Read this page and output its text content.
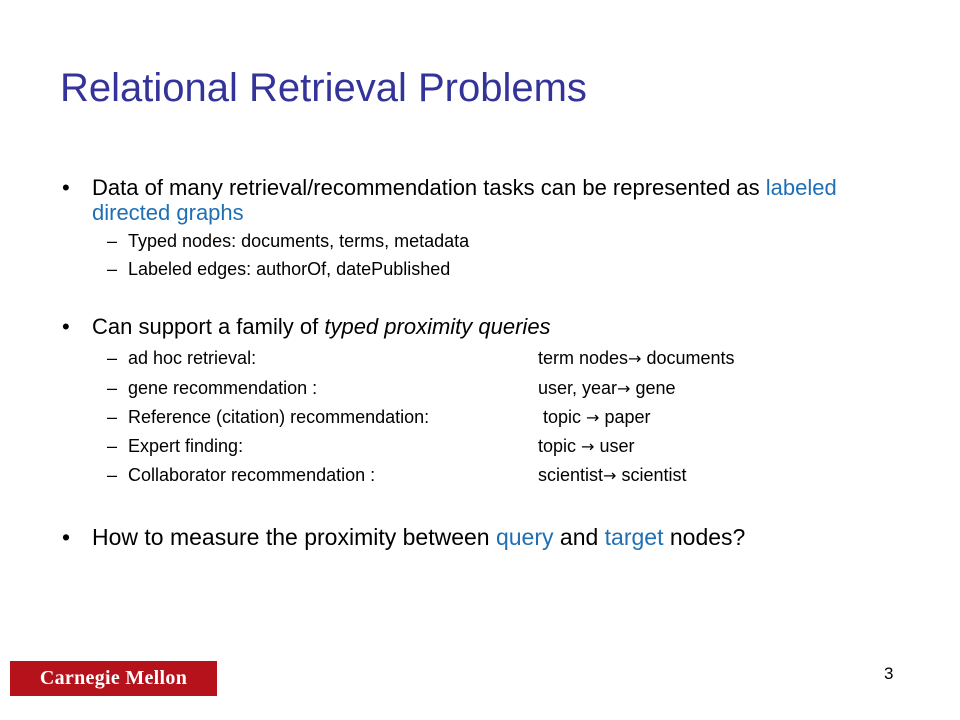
Relational Retrieval Problems
• Data of many retrieval/recommendation tasks can be represented as labeled directed graphs
– Typed nodes: documents, terms, metadata
– Labeled edges: authorOf, datePublished
• Can support a family of typed proximity queries
– ad hoc retrieval:	term nodes→ documents
– gene recommendation :	user, year→ gene
– Reference (citation) recommendation:	topic → paper
– Expert finding:	topic → user
– Collaborator recommendation :	scientist→ scientist
• How to measure the proximity between query and target nodes?
Carnegie Mellon	3
